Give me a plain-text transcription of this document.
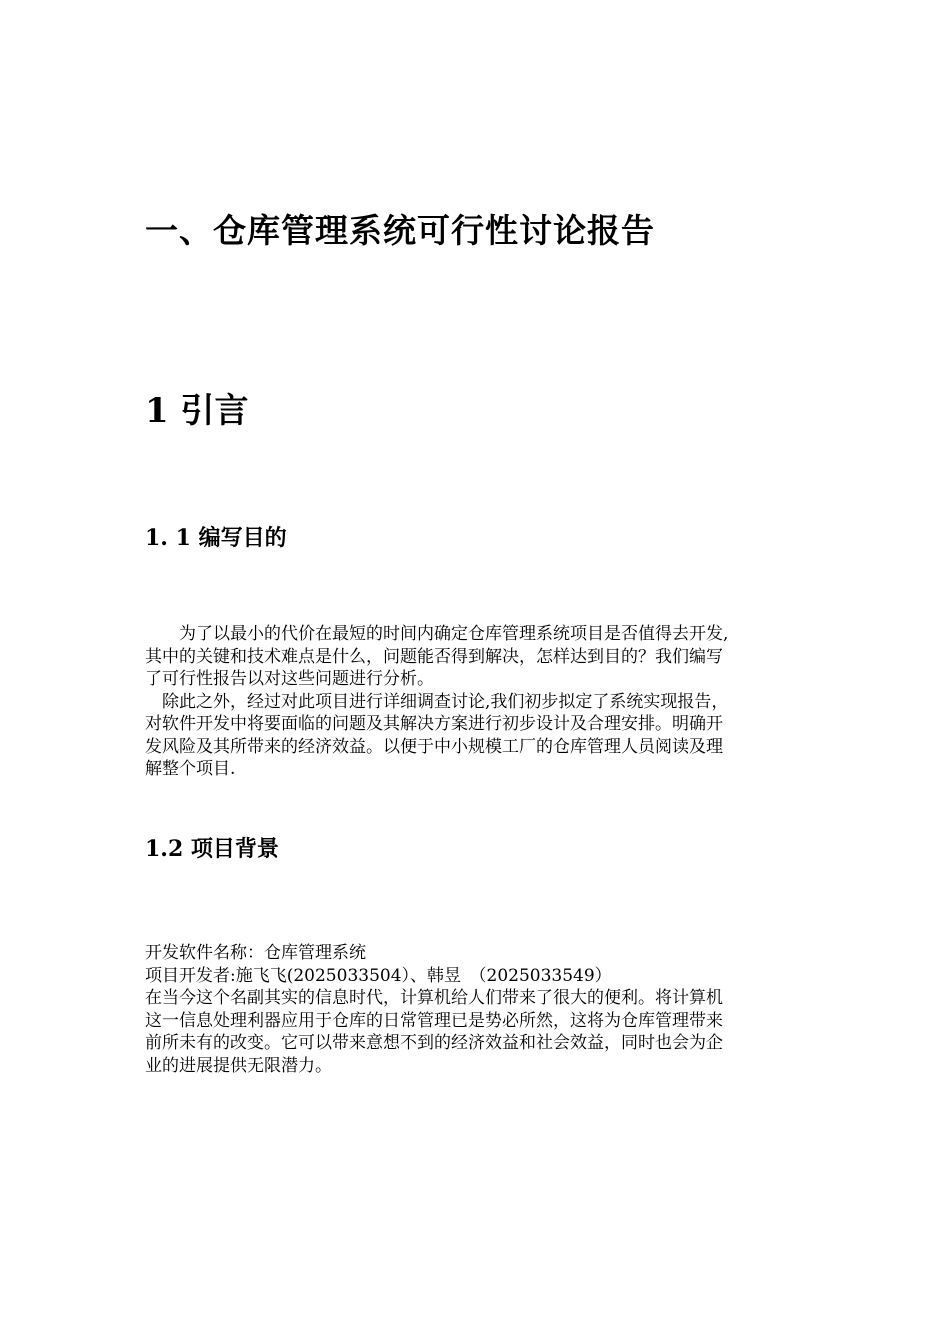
一、仓库管理系统可行性讨论报告
1 引言
1. 1 编写目的
　　为了以最小的代价在最短的时间内确定仓库管理系统项目是否值得去开发,
其中的关键和技术难点是什么，问题能否得到解决，怎样达到目的？我们编写
了可行性报告以对这些问题进行分析。
　除此之外，经过对此项目进行详细调查讨论,我们初步拟定了系统实现报告，
对软件开发中将要面临的问题及其解决方案进行初步设计及合理安排。明确开
发风险及其所带来的经济效益。以便于中小规模工厂的仓库管理人员阅读及理
解整个项目.
1.2 项目背景
开发软件名称：仓库管理系统
项目开发者:施飞飞(2025033504）、韩昱　（2025033549）
在当今这个名副其实的信息时代，计算机给人们带来了很大的便利。将计算机
这一信息处理利器应用于仓库的日常管理已是势必所然，这将为仓库管理带来
前所未有的改变。它可以带来意想不到的经济效益和社会效益，同时也会为企
业的进展提供无限潜力。
